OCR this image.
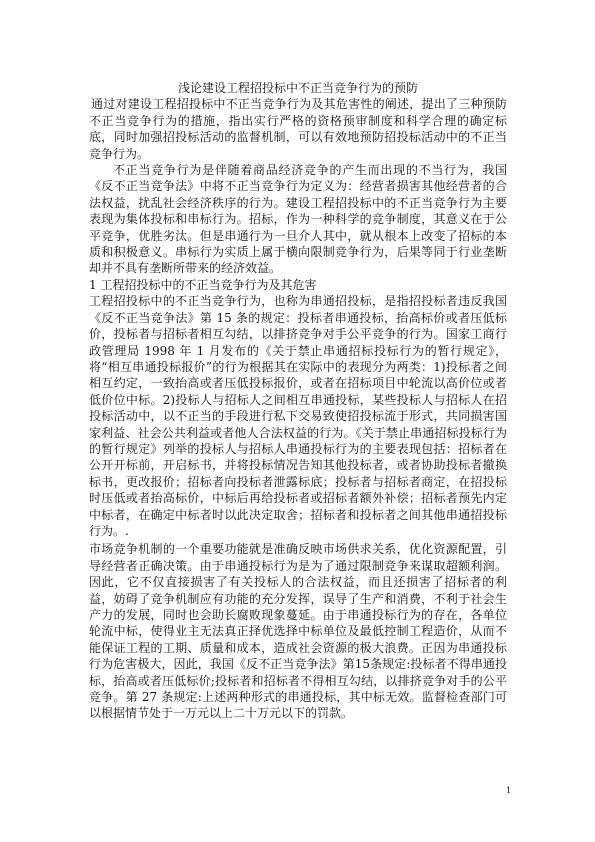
浅论建设工程招投标中不正当竞争行为的预防

通过对建设工程招投标中不正当竞争行为及其危害性的阐述，提出了三种预防不正当竞争行为的措施，指出实行严格的资格预审制度和科学合理的确定标底，同时加强招投标活动的监督机制，可以有效地预防招投标活动中的不正当竞争行为。

不正当竞争行为是伴随着商品经济竞争的产生而出现的不当行为，我国《反不正当竞争法》中将不正当竞争行为定义为：经营者损害其他经营者的合法权益，扰乱社会经济秩序的行为。建设工程招投标中的不正当竞争行为主要表现为集体投标和串标行为。招标，作为一种科学的竞争制度，其意义在于公平竞争，优胜劣汰。但是串通行为一旦介人其中，就从根本上改变了招标的本质和积极意义。串标行为实质上属于横向限制竞争行为，后果等同于行业垄断却并不具有垄断所带来的经济效益。

1 工程招投标中的不正当竞争行为及其危害

工程招投标中的不正当竞争行为，也称为串通招投标，是指招投标者违反我国《反不正当竞争法》第 15 条的规定：投标者串通投标，抬高标价或者压低标价，投标者与招标者相互勾结，以排挤竞争对手公平竞争的行为。国家工商行政管理局 1998 年 1 月发布的《关于禁止串通招标投标行为的暂行规定》，将“相互串通投标报价”的行为根据其在实际中的表现分为两类：1)投标者之间相互约定，一致抬高或者压低投标报价，或者在招标项目中轮流以高价位或者低价位中标。2)投标人与招标人之间相互串通投标，某些投标人与招标人在招投标活动中，以不正当的手段进行私下交易致使招投标流于形式，共同损害国家利益、社会公共利益或者他人合法权益的行为。《关于禁止串通招标投标行为的暂行规定》列举的投标人与招标人串通投标行为的主要表现包括：招标者在公开开标前，开启标书，并将投标情况告知其他投标者，或者协助投标者撤换标书，更改报价；招标者向投标者泄露标底；投标者与招标者商定，在招投标时压低或者抬高标价，中标后再给投标者或招标者额外补偿；招标者预先内定中标者，在确定中标者时以此决定取舍；招标者和投标者之间其他串通招投标行为。.

市场竞争机制的一个重要功能就是准确反映市场供求关系，优化资源配置，引导经营者正确决策。由于串通投标行为是为了通过限制竞争来谋取超额利润。因此，它不仅直接损害了有关投标人的合法权益，而且还损害了招标者的利益，妨碍了竞争机制应有功能的充分发挥，误导了生产和消费，不利于社会生产力的发展，同时也会助长腐败现象蔓延。由于串通投标行为的存在，各单位轮流中标，使得业主无法真正择优选择中标单位及最低控制工程造价，从而不能保证工程的工期、质量和成本，造成社会资源的极大浪费。正因为串通投标行为危害极大，因此，我国《反不正当竞争法》第15条规定:投标者不得串通投标，抬高或者压低标价;投标者和招标者不得相互勾结，以排挤竞争对手的公平竞争。第 27 条规定:上述两种形式的串通投标，其中标无效。监督检查部门可以根据情节处于一万元以上二十万元以下的罚款。

1
